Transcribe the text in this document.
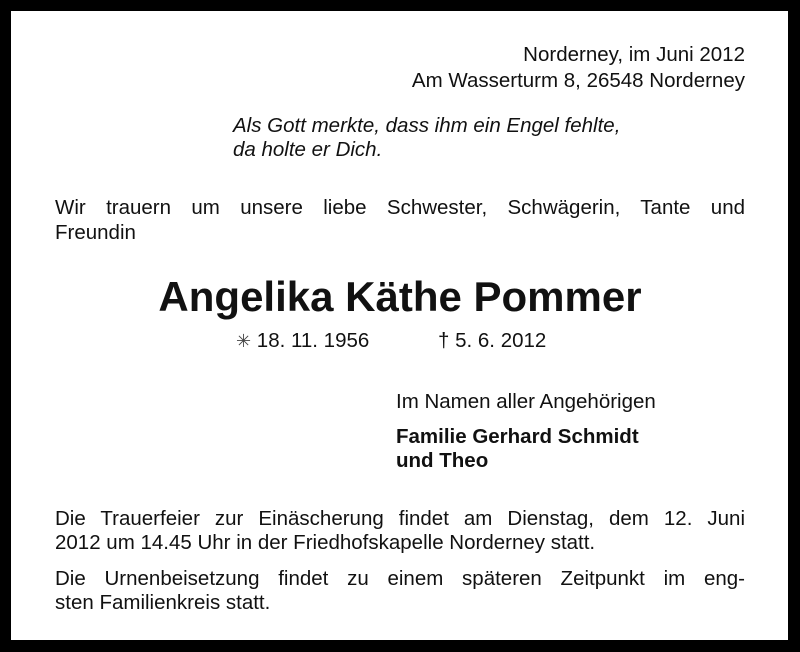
Norderney, im Juni 2012
Am Wasserturm 8, 26548 Norderney
Als Gott merkte, dass ihm ein Engel fehlte,
da holte er Dich.
Wir trauern um unsere liebe Schwester, Schwägerin, Tante und
Freundin
Angelika Käthe Pommer
✳ 18. 11. 1956	† 5. 6. 2012
Im Namen aller Angehörigen
Familie Gerhard Schmidt
und Theo
Die Trauerfeier zur Einäscherung findet am Dienstag, dem 12. Juni
2012 um 14.45 Uhr in der Friedhofskapelle Norderney statt.
Die Urnenbeisetzung findet zu einem späteren Zeitpunkt im eng-
sten Familienkreis statt.
